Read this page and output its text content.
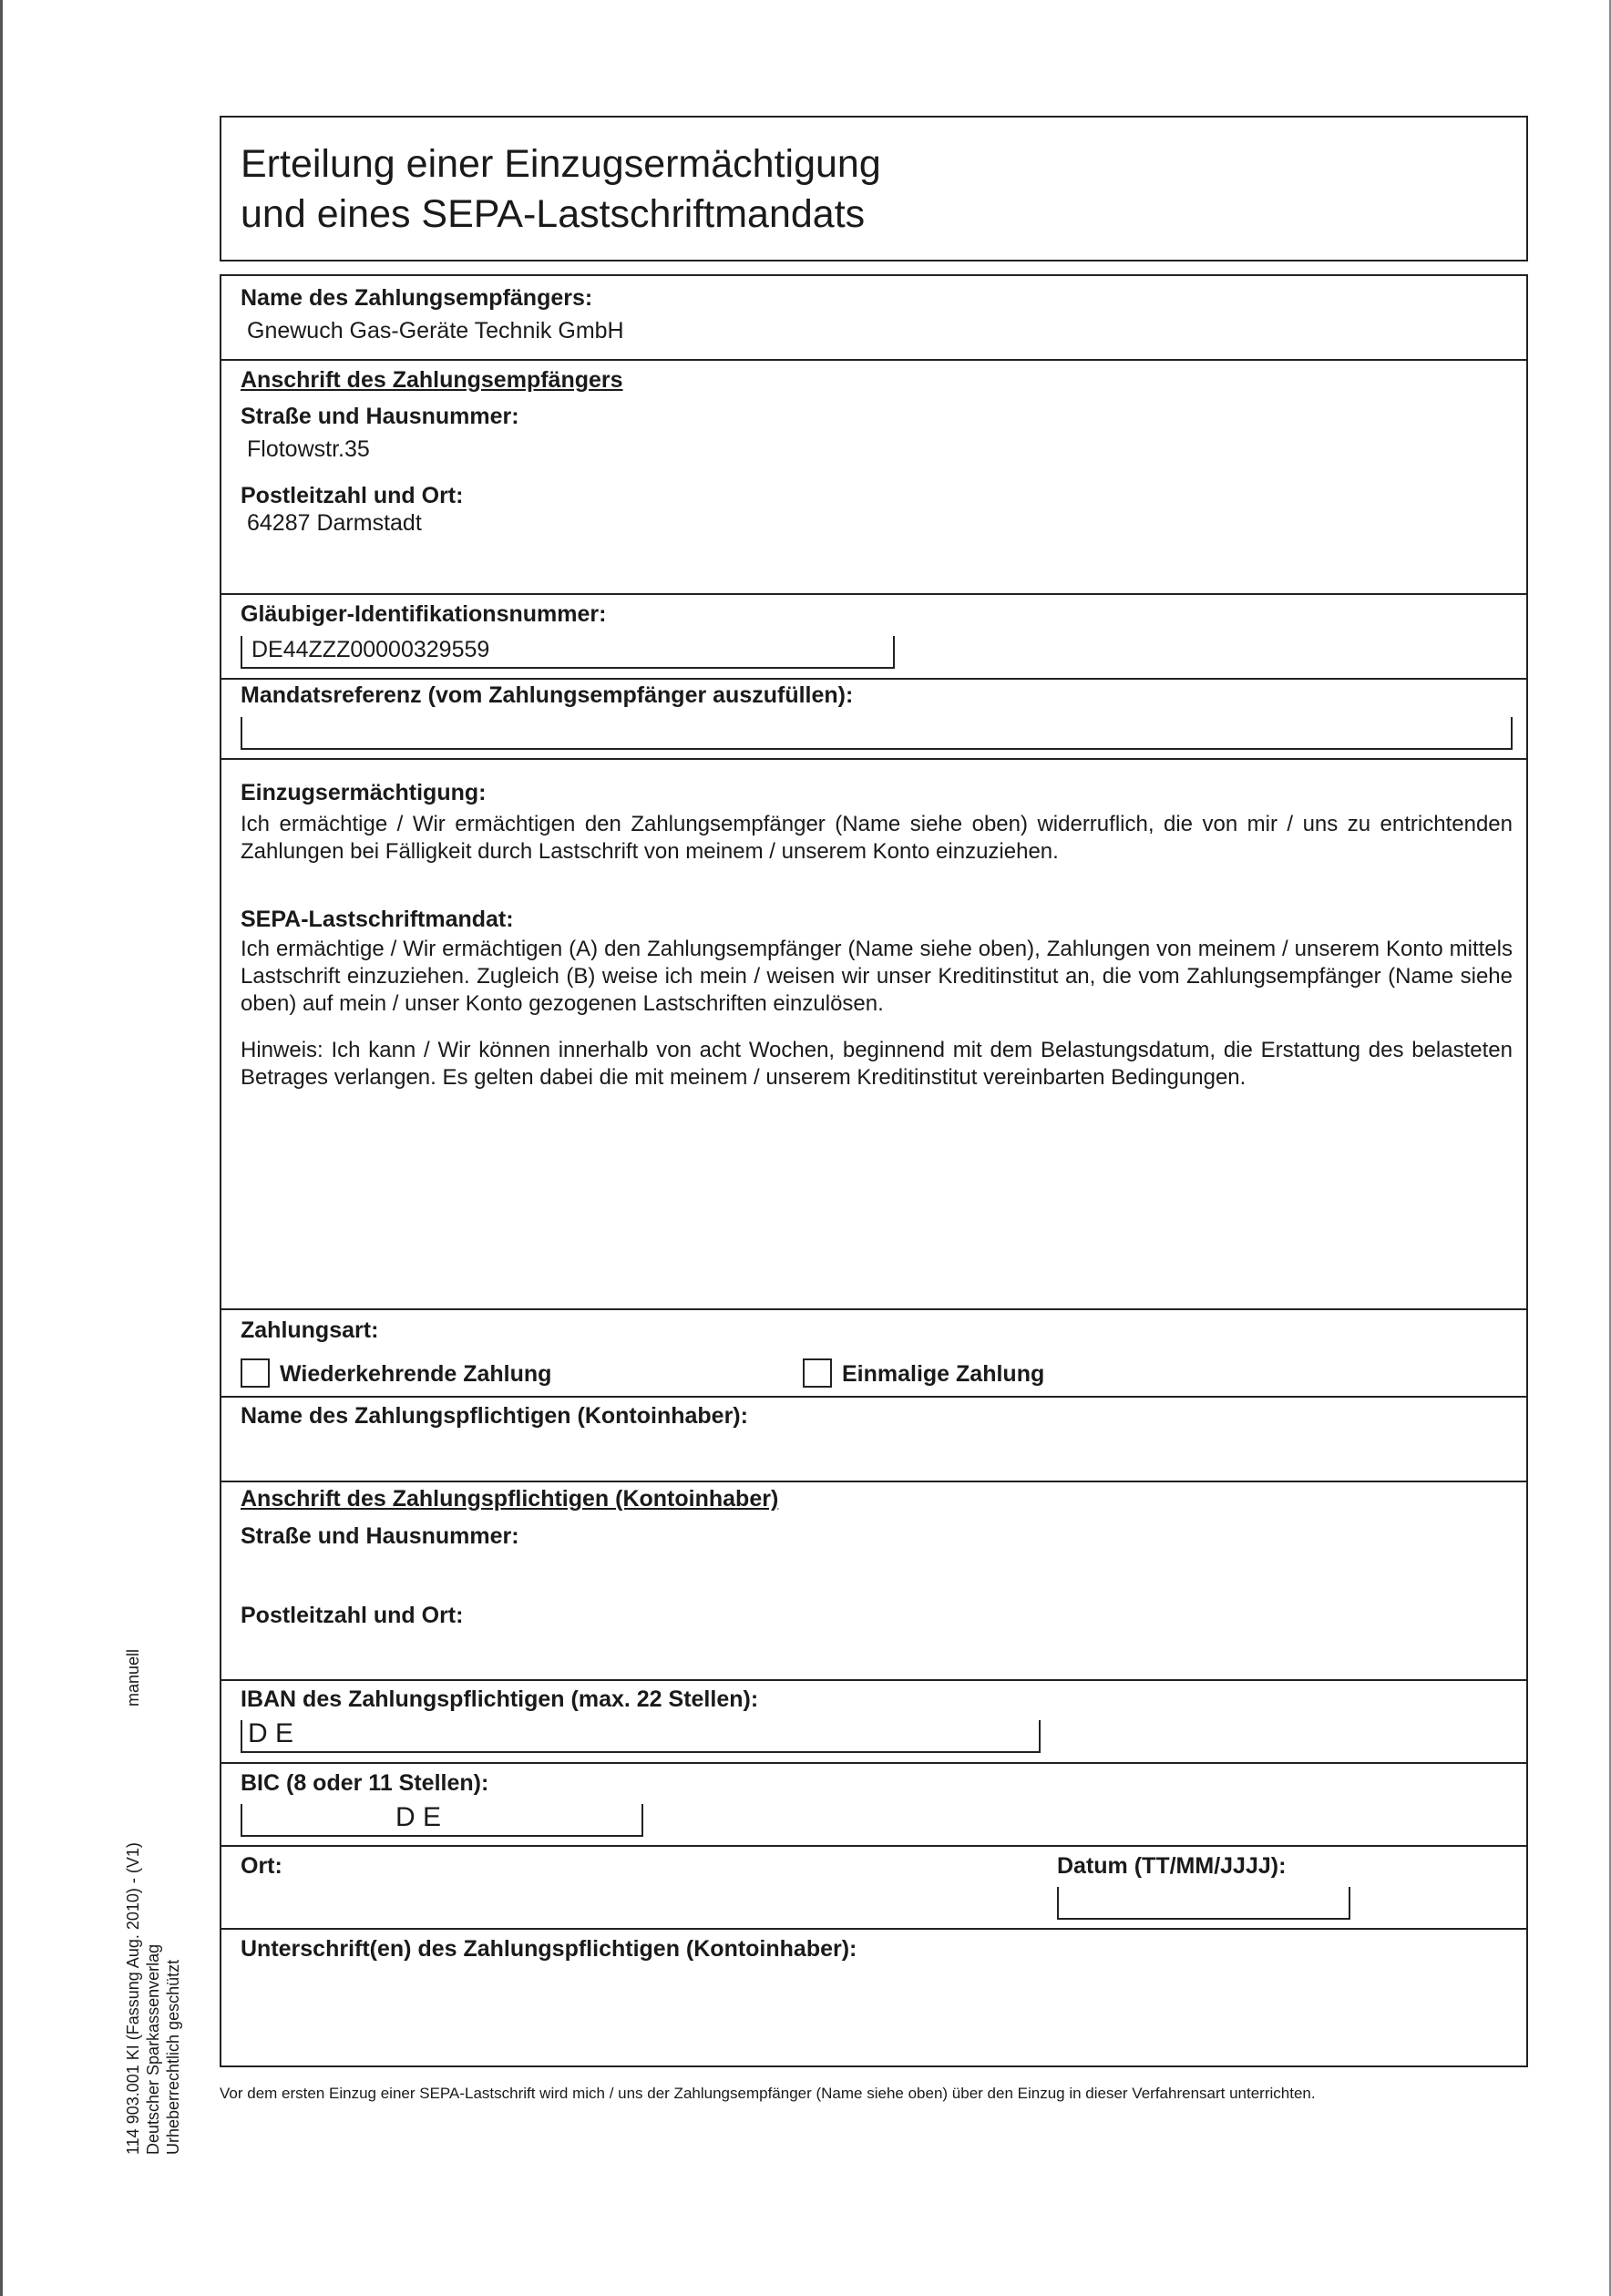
Erteilung einer Einzugsermächtigung
und eines SEPA-Lastschriftmandats
Name des Zahlungsempfängers:
Gnewuch Gas-Geräte Technik GmbH
Anschrift des Zahlungsempfängers
Straße und Hausnummer:
Flotowstr.35
Postleitzahl und Ort:
64287 Darmstadt
Gläubiger-Identifikationsnummer:
DE44ZZZ00000329559
Mandatsreferenz (vom Zahlungsempfänger auszufüllen):
Einzugsermächtigung:
Ich ermächtige / Wir ermächtigen den Zahlungsempfänger (Name siehe oben) widerruflich, die von mir / uns zu entrichtenden Zahlungen bei Fälligkeit durch Lastschrift von meinem / unserem Konto einzuziehen.
SEPA-Lastschriftmandat:
Ich ermächtige / Wir ermächtigen (A) den Zahlungsempfänger (Name siehe oben), Zahlungen von meinem / unserem Konto mittels Lastschrift einzuziehen. Zugleich (B) weise ich mein / weisen wir unser Kreditinstitut an, die vom Zahlungsempfänger (Name siehe oben) auf mein / unser Konto gezogenen Lastschriften einzulösen.
Hinweis: Ich kann / Wir können innerhalb von acht Wochen, beginnend mit dem Belastungsdatum, die Erstattung des belasteten Betrages verlangen. Es gelten dabei die mit meinem / unserem Kreditinstitut vereinbarten Bedingungen.
Zahlungsart:
Wiederkehrende Zahlung	Einmalige Zahlung
Name des Zahlungspflichtigen (Kontoinhaber):
Anschrift des Zahlungspflichtigen (Kontoinhaber)
Straße und Hausnummer:
Postleitzahl und Ort:
IBAN des Zahlungspflichtigen (max. 22 Stellen):
D E
BIC (8 oder 11 Stellen):
D E
Ort:	Datum (TT/MM/JJJJ):
Unterschrift(en) des Zahlungspflichtigen (Kontoinhaber):
Vor dem ersten Einzug einer SEPA-Lastschrift wird mich / uns der Zahlungsempfänger (Name siehe oben) über den Einzug in dieser Verfahrensart unterrichten.
114 903.001 KI (Fassung Aug. 2010) - (V1) Deutscher Sparkassenverlag Urheberrechtlich geschützt
manuell
